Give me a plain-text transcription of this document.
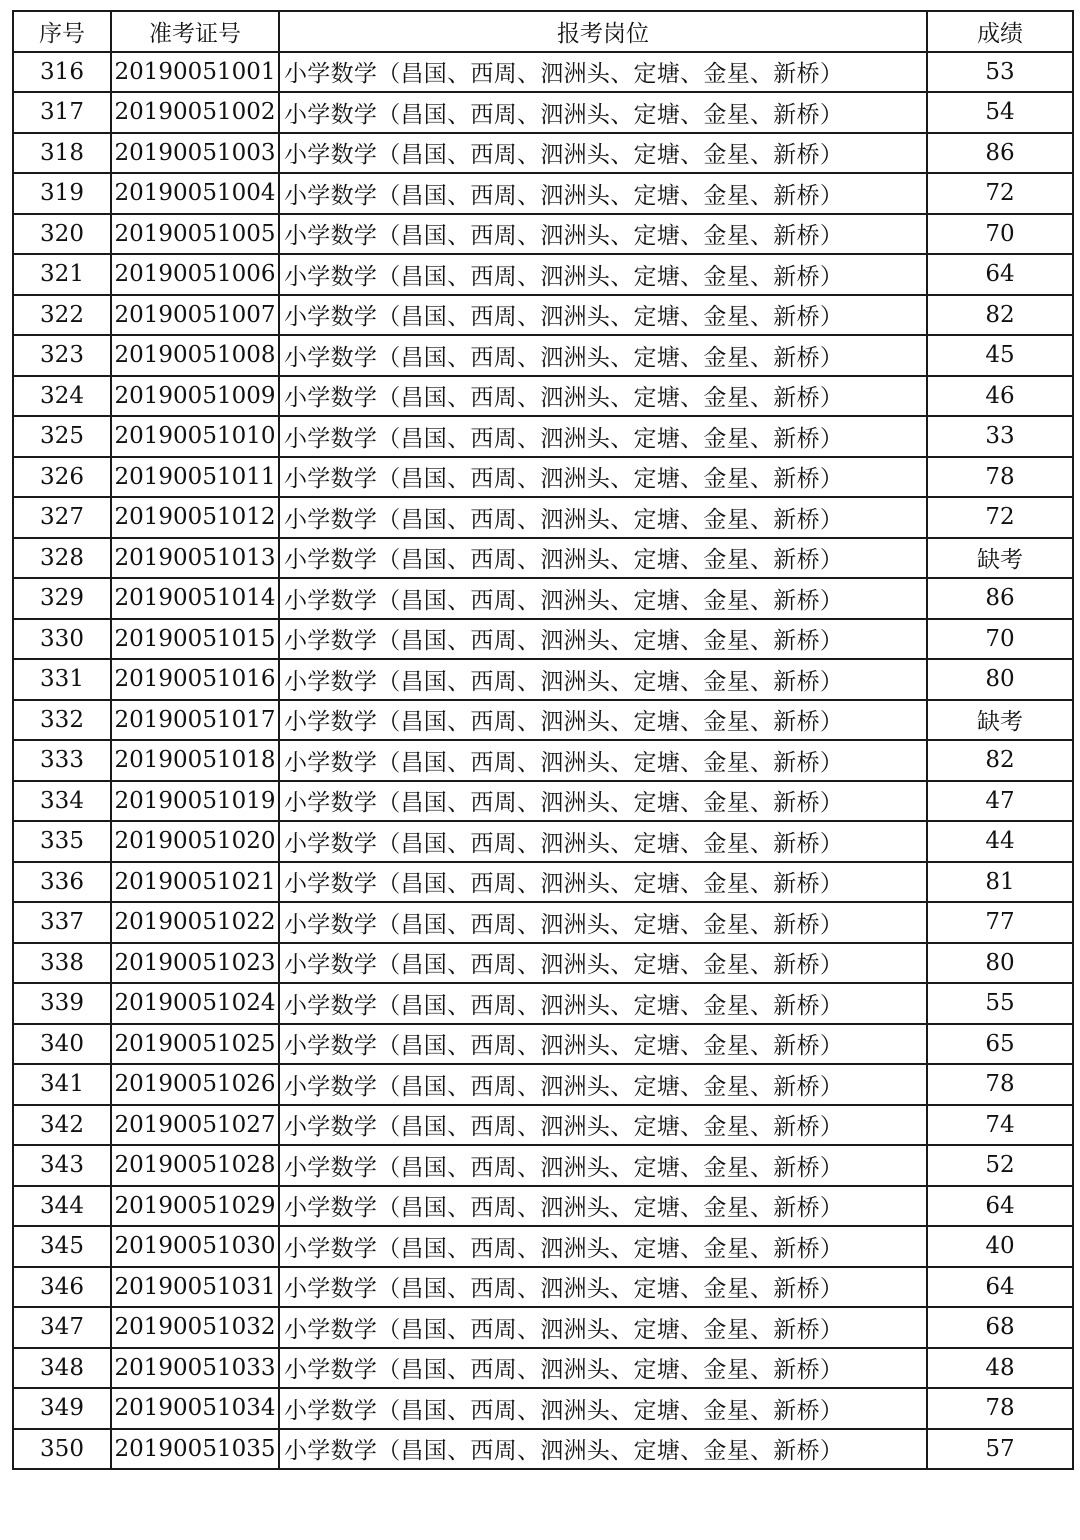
序号	准考证号	报考岗位	成绩
316	20190051001	小学数学（昌国、西周、泗洲头、定塘、金星、新桥）	53
317	20190051002	小学数学（昌国、西周、泗洲头、定塘、金星、新桥）	54
318	20190051003	小学数学（昌国、西周、泗洲头、定塘、金星、新桥）	86
319	20190051004	小学数学（昌国、西周、泗洲头、定塘、金星、新桥）	72
320	20190051005	小学数学（昌国、西周、泗洲头、定塘、金星、新桥）	70
321	20190051006	小学数学（昌国、西周、泗洲头、定塘、金星、新桥）	64
322	20190051007	小学数学（昌国、西周、泗洲头、定塘、金星、新桥）	82
323	20190051008	小学数学（昌国、西周、泗洲头、定塘、金星、新桥）	45
324	20190051009	小学数学（昌国、西周、泗洲头、定塘、金星、新桥）	46
325	20190051010	小学数学（昌国、西周、泗洲头、定塘、金星、新桥）	33
326	20190051011	小学数学（昌国、西周、泗洲头、定塘、金星、新桥）	78
327	20190051012	小学数学（昌国、西周、泗洲头、定塘、金星、新桥）	72
328	20190051013	小学数学（昌国、西周、泗洲头、定塘、金星、新桥）	缺考
329	20190051014	小学数学（昌国、西周、泗洲头、定塘、金星、新桥）	86
330	20190051015	小学数学（昌国、西周、泗洲头、定塘、金星、新桥）	70
331	20190051016	小学数学（昌国、西周、泗洲头、定塘、金星、新桥）	80
332	20190051017	小学数学（昌国、西周、泗洲头、定塘、金星、新桥）	缺考
333	20190051018	小学数学（昌国、西周、泗洲头、定塘、金星、新桥）	82
334	20190051019	小学数学（昌国、西周、泗洲头、定塘、金星、新桥）	47
335	20190051020	小学数学（昌国、西周、泗洲头、定塘、金星、新桥）	44
336	20190051021	小学数学（昌国、西周、泗洲头、定塘、金星、新桥）	81
337	20190051022	小学数学（昌国、西周、泗洲头、定塘、金星、新桥）	77
338	20190051023	小学数学（昌国、西周、泗洲头、定塘、金星、新桥）	80
339	20190051024	小学数学（昌国、西周、泗洲头、定塘、金星、新桥）	55
340	20190051025	小学数学（昌国、西周、泗洲头、定塘、金星、新桥）	65
341	20190051026	小学数学（昌国、西周、泗洲头、定塘、金星、新桥）	78
342	20190051027	小学数学（昌国、西周、泗洲头、定塘、金星、新桥）	74
343	20190051028	小学数学（昌国、西周、泗洲头、定塘、金星、新桥）	52
344	20190051029	小学数学（昌国、西周、泗洲头、定塘、金星、新桥）	64
345	20190051030	小学数学（昌国、西周、泗洲头、定塘、金星、新桥）	40
346	20190051031	小学数学（昌国、西周、泗洲头、定塘、金星、新桥）	64
347	20190051032	小学数学（昌国、西周、泗洲头、定塘、金星、新桥）	68
348	20190051033	小学数学（昌国、西周、泗洲头、定塘、金星、新桥）	48
349	20190051034	小学数学（昌国、西周、泗洲头、定塘、金星、新桥）	78
350	20190051035	小学数学（昌国、西周、泗洲头、定塘、金星、新桥）	57
